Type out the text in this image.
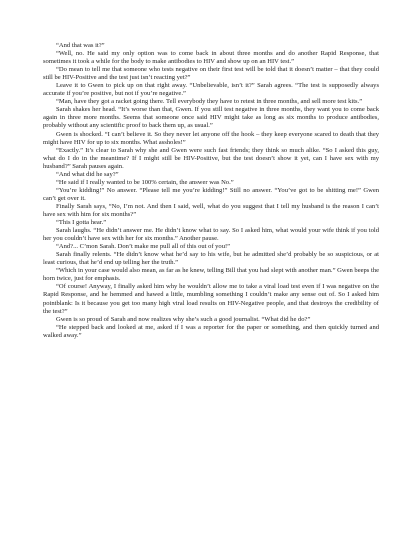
“And that was it?”

“Well, no. He said my only option was to come back in about three months and do another Rapid Response, that sometimes it took a while for the body to make antibodies to HIV and show up on an HIV test.”

“Do mean to tell me that someone who tests negative on their first test will be told that it doesn’t matter – that they could still be HIV-Positive and the test just isn’t reacting yet?”

Leave it to Gwen to pick up on that right away. “Unbelievable, isn’t it?” Sarah agrees. “The test is supposedly always accurate if you’re positive, but not if you’re negative.”

“Man, have they got a racket going there. Tell everybody they have to retest in three months, and sell more test kits.”

Sarah shakes her head. “It’s worse than that, Gwen. If you still test negative in three months, they want you to come back again in three more months. Seems that someone once said HIV might take as long as six months to produce antibodies, probably without any scientific proof to back them up, as usual.”

Gwen is shocked. “I can’t believe it. So they never let anyone off the hook – they keep everyone scared to death that they might have HIV for up to six months. What assholes!”

“Exactly.” It’s clear to Sarah why she and Gwen were such fast friends; they think so much alike. “So I asked this guy, what do I do in the meantime? If I might still be HIV-Positive, but the test doesn’t show it yet, can I have sex with my husband?” Sarah pauses again.

“And what did he say?”

“He said if I really wanted to be 100% certain, the answer was No.”

“You’re kidding!” No answer. “Please tell me you’re kidding!” Still no answer. “You’ve got to be shitting me!” Gwen can’t get over it.

Finally Sarah says, “No, I’m not. And then I said, well, what do you suggest that I tell my husband is the reason I can’t have sex with him for six months?”

“This I gotta hear.”

Sarah laughs. “He didn’t answer me. He didn’t know what to say. So I asked him, what would your wife think if you told her you couldn’t have sex with her for six months.” Another pause.

“And?... C’mon Sarah. Don’t make me pull all of this out of you!”

Sarah finally relents. “He didn’t know what he’d say to his wife, but he admitted she’d probably be so suspicious, or at least curious, that he’d end up telling her the truth.”

“Which in your case would also mean, as far as he knew, telling Bill that you had slept with another man.” Gwen beeps the horn twice, just for emphasis.

“Of course! Anyway, I finally asked him why he wouldn’t allow me to take a viral load test even if I was negative on the Rapid Response, and he hemmed and hawed a little, mumbling something I couldn’t make any sense out of. So I asked him pointblank: Is it because you get too many high viral load results on HIV-Negative people, and that destroys the credibility of the test?”

Gwen is so proud of Sarah and now realizes why she’s such a good journalist. “What did he do?”

“He stepped back and looked at me, asked if I was a reporter for the paper or something, and then quickly turned and walked away.”
